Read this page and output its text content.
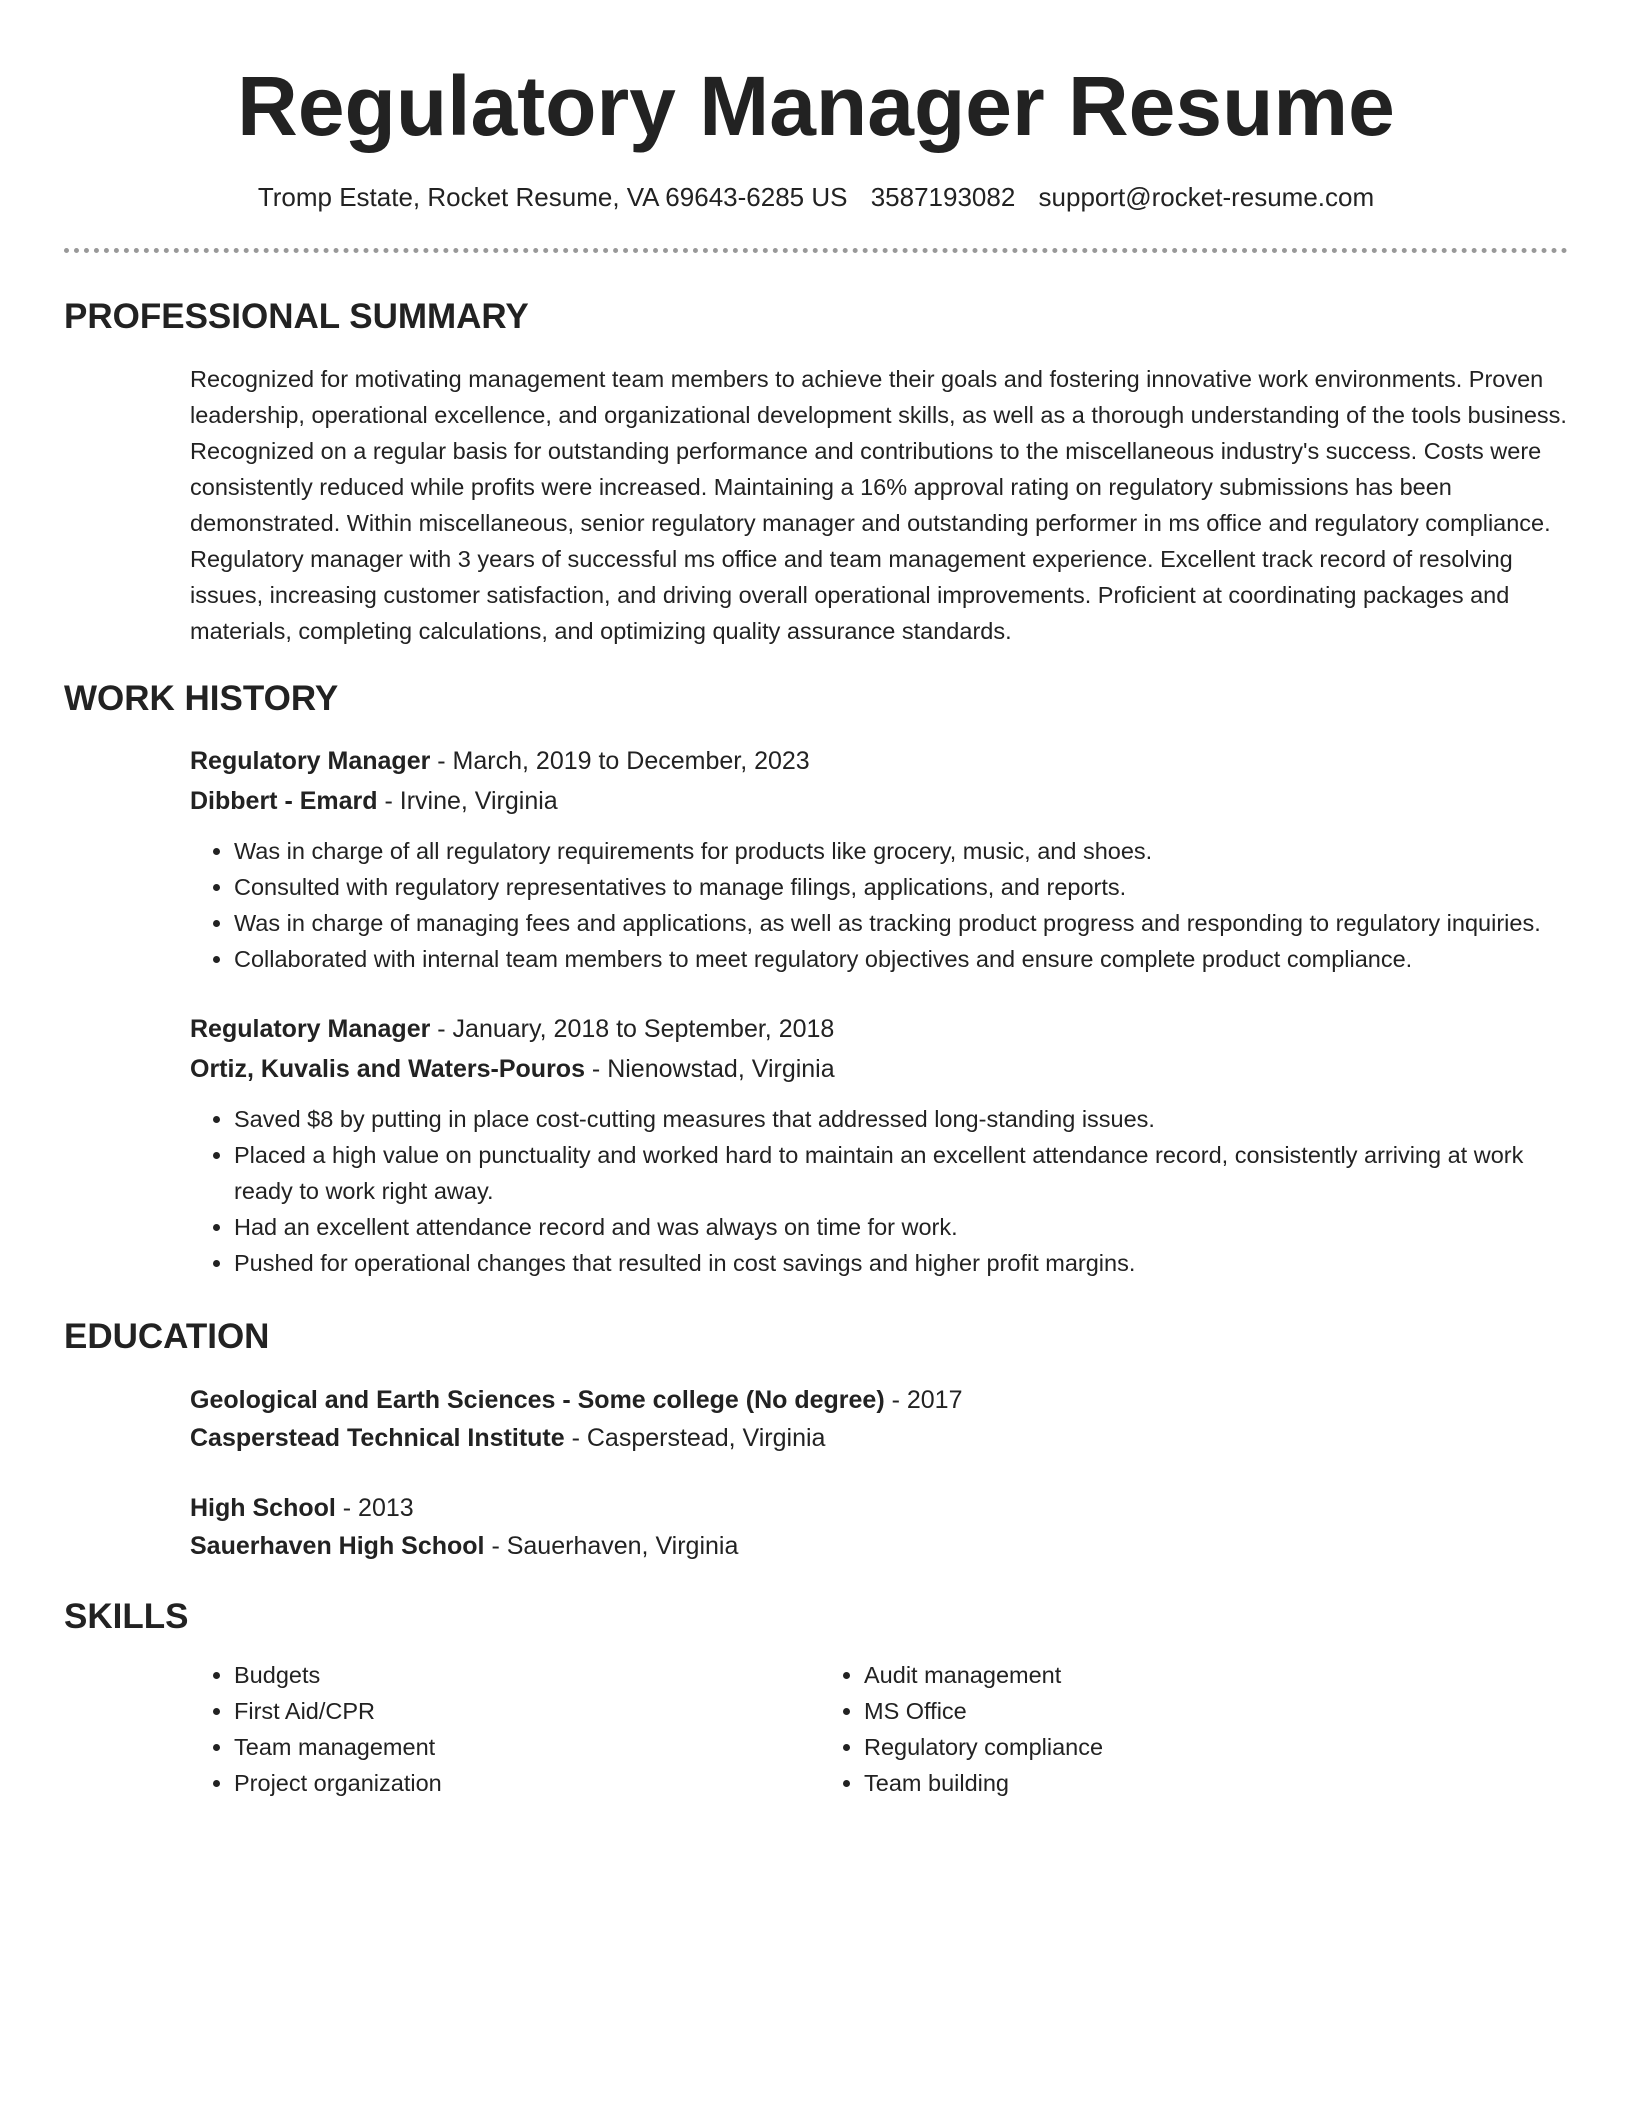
Regulatory Manager Resume
Tromp Estate, Rocket Resume, VA 69643-6285 US 3587193082 support@rocket-resume.com
PROFESSIONAL SUMMARY

Recognized for motivating management team members to achieve their goals and fostering innovative work environments. Proven leadership, operational excellence, and organizational development skills, as well as a thorough understanding of the tools business. Recognized on a regular basis for outstanding performance and contributions to the miscellaneous industry's success. Costs were consistently reduced while profits were increased. Maintaining a 16% approval rating on regulatory submissions has been demonstrated. Within miscellaneous, senior regulatory manager and outstanding performer in ms office and regulatory compliance. Regulatory manager with 3 years of successful ms office and team management experience. Excellent track record of resolving issues, increasing customer satisfaction, and driving overall operational improvements. Proficient at coordinating packages and materials, completing calculations, and optimizing quality assurance standards.

WORK HISTORY
Regulatory Manager - March, 2019 to December, 2023
Dibbert - Emard - Irvine, Virginia
• Was in charge of all regulatory requirements for products like grocery, music, and shoes.
• Consulted with regulatory representatives to manage filings, applications, and reports.
• Was in charge of managing fees and applications, as well as tracking product progress and responding to regulatory inquiries.
• Collaborated with internal team members to meet regulatory objectives and ensure complete product compliance.
Regulatory Manager - January, 2018 to September, 2018
Ortiz, Kuvalis and Waters-Pouros - Nienowstad, Virginia
• Saved $8 by putting in place cost-cutting measures that addressed long-standing issues.
• Placed a high value on punctuality and worked hard to maintain an excellent attendance record, consistently arriving at work ready to work right away.
• Had an excellent attendance record and was always on time for work.
• Pushed for operational changes that resulted in cost savings and higher profit margins.
EDUCATION
Geological and Earth Sciences - Some college (No degree) - 2017
Casperstead Technical Institute - Casperstead, Virginia
High School - 2013
Sauerhaven High School - Sauerhaven, Virginia
SKILLS
• Budgets
• First Aid/CPR
• Team management
• Project organization
• Audit management
• MS Office
• Regulatory compliance
• Team building
